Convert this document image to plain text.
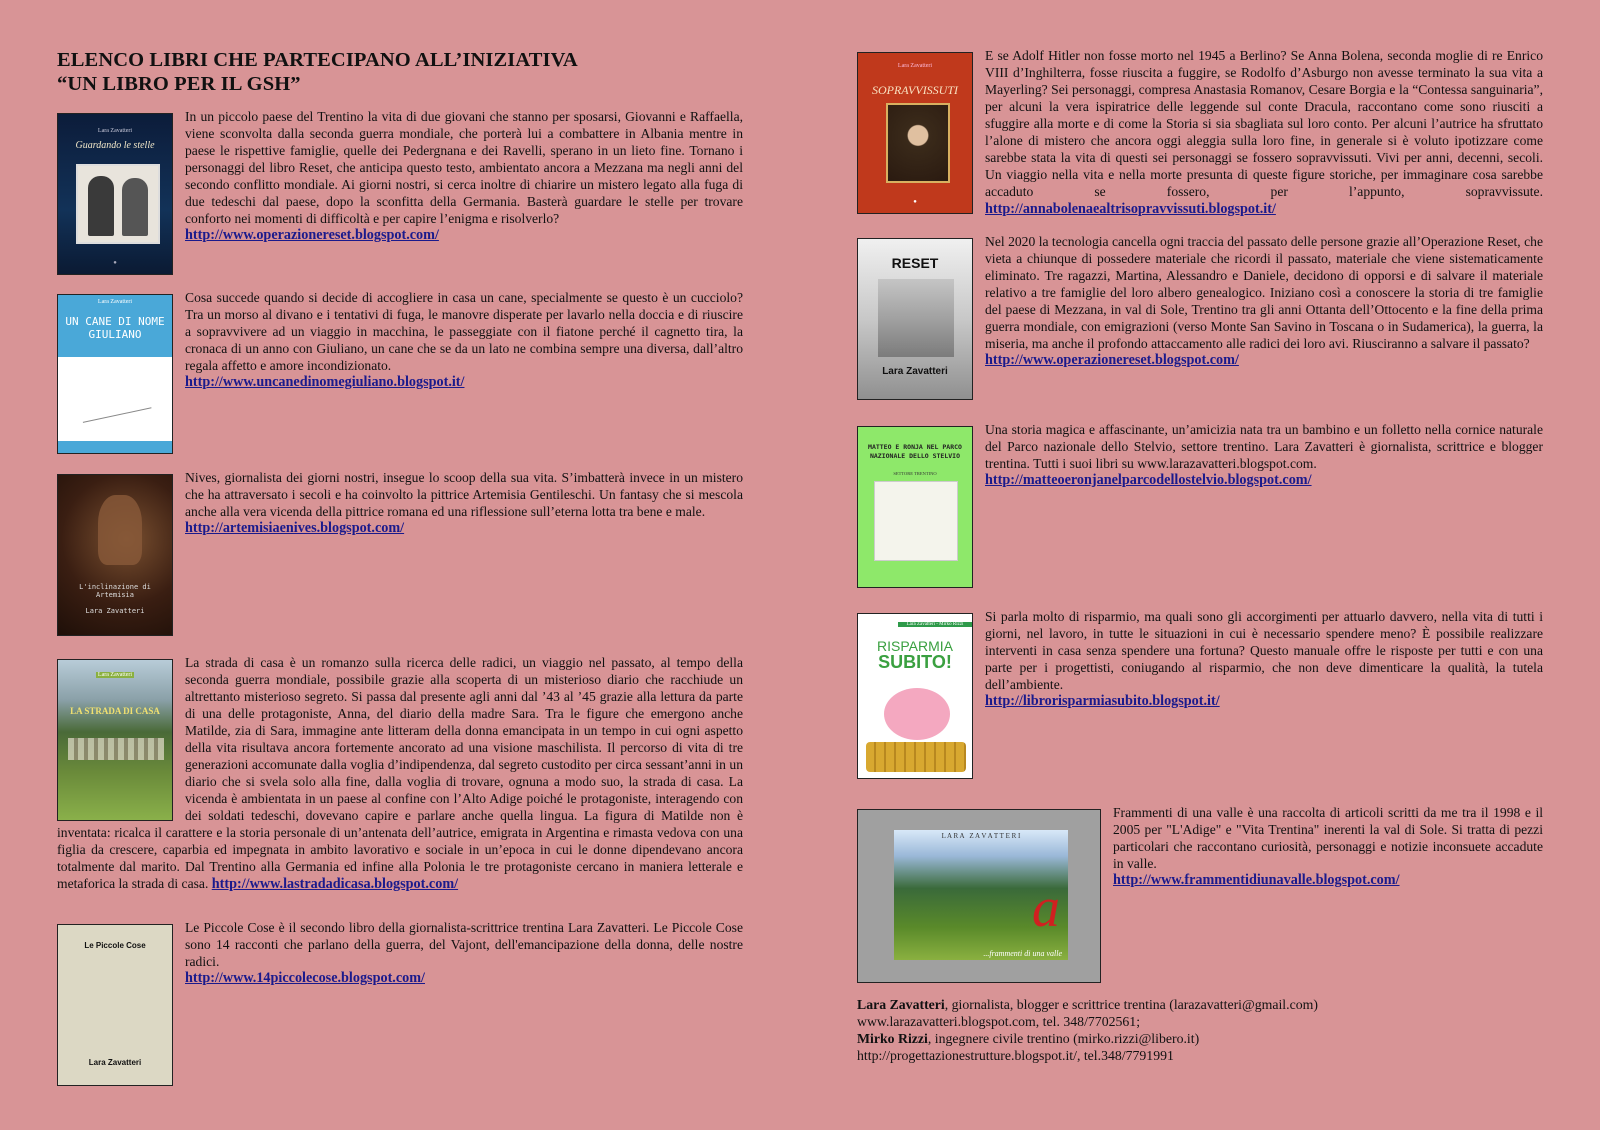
ELENCO LIBRI CHE PARTECIPANO ALL’INIZIATIVA
“UN LIBRO PER IL GSH”
Lara Zavatteri
Guardando le stelle
●
In un piccolo paese del Trentino la vita di due giovani che stanno per sposarsi, Giovanni e Raffaella, viene sconvolta dalla seconda guerra mondiale, che porterà lui a combattere in Albania mentre in paese le rispettive famiglie, quelle dei Pedergnana e dei Ravelli, sperano in un lieto fine. Tornano i personaggi del libro Reset, che anticipa questo testo, ambientato ancora a Mezzana ma negli anni del secondo conflitto mondiale. Ai giorni nostri, si cerca inoltre di chiarire un mistero legato alla fuga di due tedeschi dal paese, dopo la sconfitta della Germania. Basterà guardare le stelle per trovare conforto nei momenti di difficoltà e per capire l’enigma e risolverlo?
http://www.operazionereset.blogspot.com/
Lara Zavatteri
UN CANE DI NOME GIULIANO
Cosa succede quando si decide di accogliere in casa un cane, specialmente se questo è un cucciolo? Tra un morso al divano e i tentativi di fuga, le manovre disperate per lavarlo nella doccia e di riuscire a sopravvivere ad un viaggio in macchina, le passeggiate con il fiatone perché il cagnetto tira, la cronaca di un anno con Giuliano, un cane che se da un lato ne combina sempre una diversa, dall’altro regala affetto e amore incondizionato.
http://www.uncanedinomegiuliano.blogspot.it/
L'inclinazione di Artemisia
Lara Zavatteri
Nives, giornalista dei giorni nostri, insegue lo scoop della sua vita. S’imbatterà invece in un mistero che ha attraversato i secoli e ha coinvolto la pittrice Artemisia Gentileschi. Un fantasy che si mescola anche alla vera vicenda della pittrice romana ed una riflessione sull’eterna lotta tra bene e male.
http://artemisiaenives.blogspot.com/
Lara Zavatteri
LA STRADA DI CASA
La strada di casa è un romanzo sulla ricerca delle radici, un viaggio nel passato, al tempo della seconda guerra mondiale, possibile grazie alla scoperta di un misterioso diario che racchiude un altrettanto misterioso segreto. Si passa dal presente agli anni dal ’43 al ’45 grazie alla lettura da parte di una delle protagoniste, Anna, del diario della madre Sara. Tra le figure che emergono anche Matilde, zia di Sara, immagine ante litteram della donna emancipata in un tempo in cui ogni aspetto della vita risultava ancora fortemente ancorato ad una visione maschilista. Il percorso di vita di tre generazioni accomunate dalla voglia d’indipendenza, dal segreto custodito per circa sessant’anni in un diario che si svela solo alla fine, dalla voglia di trovare, ognuna a modo suo, la strada di casa. La vicenda è ambientata in un paese al confine con l’Alto Adige poiché le protagoniste, interagendo con dei soldati tedeschi, dovevano capire e parlare anche quella lingua. La figura di Matilde non è inventata: ricalca il carattere e la storia personale di un’antenata dell’autrice, emigrata in Argentina e rimasta vedova con una figlia da crescere, caparbia ed impegnata in ambito lavorativo e sociale in un’epoca in cui le donne dipendevano ancora totalmente dal marito. Dal Trentino alla Germania ed infine alla Polonia le tre protagoniste cercano in maniera letterale e metaforica la strada di casa. http://www.lastradadicasa.blogspot.com/
Le Piccole Cose
Lara Zavatteri
Le Piccole Cose è il secondo libro della giornalista-scrittrice trentina Lara Zavatteri. Le Piccole Cose sono 14 racconti che parlano della guerra, del Vajont, dell'emancipazione della donna, delle nostre radici.
http://www.14piccolecose.blogspot.com/
Lara Zavatteri
SOPRAVVISSUTI
●
E se Adolf Hitler non fosse morto nel 1945 a Berlino? Se Anna Bolena, seconda moglie di re Enrico VIII d’Inghilterra, fosse riuscita a fuggire, se Rodolfo d’Asburgo non avesse terminato la sua vita a Mayerling? Sei personaggi, compresa Anastasia Romanov, Cesare Borgia e la “Contessa sanguinaria”, per alcuni la vera ispiratrice delle leggende sul conte Dracula, raccontano come sono riusciti a sfuggire alla morte e di come la Storia si sia sbagliata sul loro conto. Per alcuni l’autrice ha sfruttato l’alone di mistero che ancora oggi aleggia sulla loro fine, in generale si è voluto ipotizzare come sarebbe stata la vita di questi sei personaggi se fossero sopravvissuti. Vivi per anni, decenni, secoli. Un viaggio nella vita e nella morte presunta di queste figure storiche, per immaginare cosa sarebbe accaduto se fossero, per l’appunto, sopravvissute. http://annabolenaealtrisopravvissuti.blogspot.it/
RESET
Lara Zavatteri
Nel 2020 la tecnologia cancella ogni traccia del passato delle persone grazie all’Operazione Reset, che vieta a chiunque di possedere materiale che ricordi il passato, materiale che viene sistematicamente eliminato. Tre ragazzi, Martina, Alessandro e Daniele, decidono di opporsi e di salvare il materiale relativo a tre famiglie del loro albero genealogico. Iniziano così a conoscere la storia di tre famiglie del paese di Mezzana, in val di Sole, Trentino tra gli anni Ottanta dell’Ottocento e la fine della prima guerra mondiale, con emigrazioni (verso Monte San Savino in Toscana o in Sudamerica), la guerra, la miseria, ma anche il profondo attaccamento alle radici dei loro avi. Riusciranno a salvare il passato?
http://www.operazionereset.blogspot.com/
MATTEO E RONJA NEL PARCO NAZIONALE DELLO STELVIO
SETTORE TRENTINO
Una storia magica e affascinante, un’amicizia nata tra un bambino e un folletto nella cornice naturale del Parco nazionale dello Stelvio, settore trentino. Lara Zavatteri è giornalista, scrittrice e blogger trentina. Tutti i suoi libri su www.larazavatteri.blogspot.com.
http://matteoeronjanelparcodellostelvio.blogspot.com/
Lara Zavatteri - Mirko Rizzi
RISPARMIA
SUBITO!
Si parla molto di risparmio, ma quali sono gli accorgimenti per attuarlo davvero, nella vita di tutti i giorni, nel lavoro, in tutte le situazioni in cui è necessario spendere meno? È possibile realizzare interventi in casa senza spendere una fortuna? Questo manuale offre le risposte per tutti e con una parte per i progettisti, coniugando al risparmio, che non deve dimenticare la qualità, la tutela dell’ambiente.
http://librorisparmiasubito.blogspot.it/
L A R A   Z A V A T T E R I
a
...frammenti di una valle
Frammenti di una valle è una raccolta di articoli scritti da me tra il 1998 e il 2005 per "L'Adige" e "Vita Trentina" inerenti la val di Sole. Si tratta di pezzi particolari che raccontano curiosità, personaggi e notizie inconsuete accadute in valle.
http://www.frammentidiunavalle.blogspot.com/
Lara Zavatteri, giornalista, blogger e scrittrice trentina (larazavatteri@gmail.com)
www.larazavatteri.blogspot.com, tel. 348/7702561;
Mirko Rizzi, ingegnere civile trentino (mirko.rizzi@libero.it)
http://progettazionestrutture.blogspot.it/, tel.348/7791991
